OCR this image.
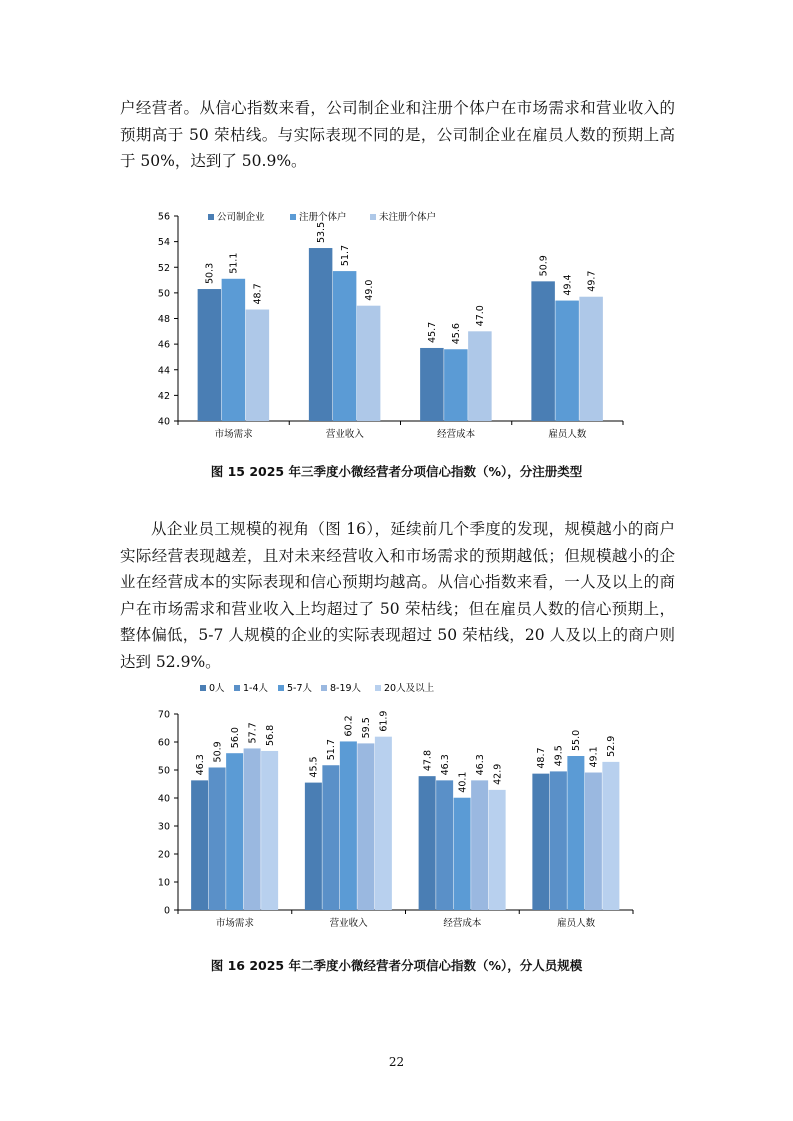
户经营者。从信心指数来看，公司制企业和注册个体户在市场需求和营业收入的预期高于 50 荣枯线。与实际表现不同的是，公司制企业在雇员人数的预期上高于 50%，达到了 50.9%。

40
42
44
46
48
50
52
54
56
市场需求	营业收入	经营成本	雇员人数
50.3 51.1
48.7
53.5
51.7
49.0
45.7 45.6
47.0
50.9
49.4 49.7
公司制企业	注册个体户	未注册个体户
图 15 2025 年三季度小微经营者分项信心指数（%），分注册类型

从企业员工规模的视角（图 16），延续前几个季度的发现，规模越小的商户实际经营表现越差，且对未来经营收入和市场需求的预期越低；但规模越小的企业在经营成本的实际表现和信心预期均越高。从信心指数来看，一人及以上的商户在市场需求和营业收入上均超过了 50 荣枯线；但在雇员人数的信心预期上，整体偏低，5-7 人规模的企业的实际表现超过 50 荣枯线，20 人及以上的商户则达到 52.9%。

0
10
20
30
40
50
60
70
市场需求	营业收入	经营成本	雇员人数
46.3
50.9
56.0 57.7 56.8
45.5
51.7
60.2 59.5 61.9
47.8 46.3
40.1
46.3 42.9
48.7 49.5
55.0
49.1
52.9
0人 1-4人 5-7人 8-19人 20人及以上
图 16 2025 年二季度小微经营者分项信心指数（%），分人员规模
22
